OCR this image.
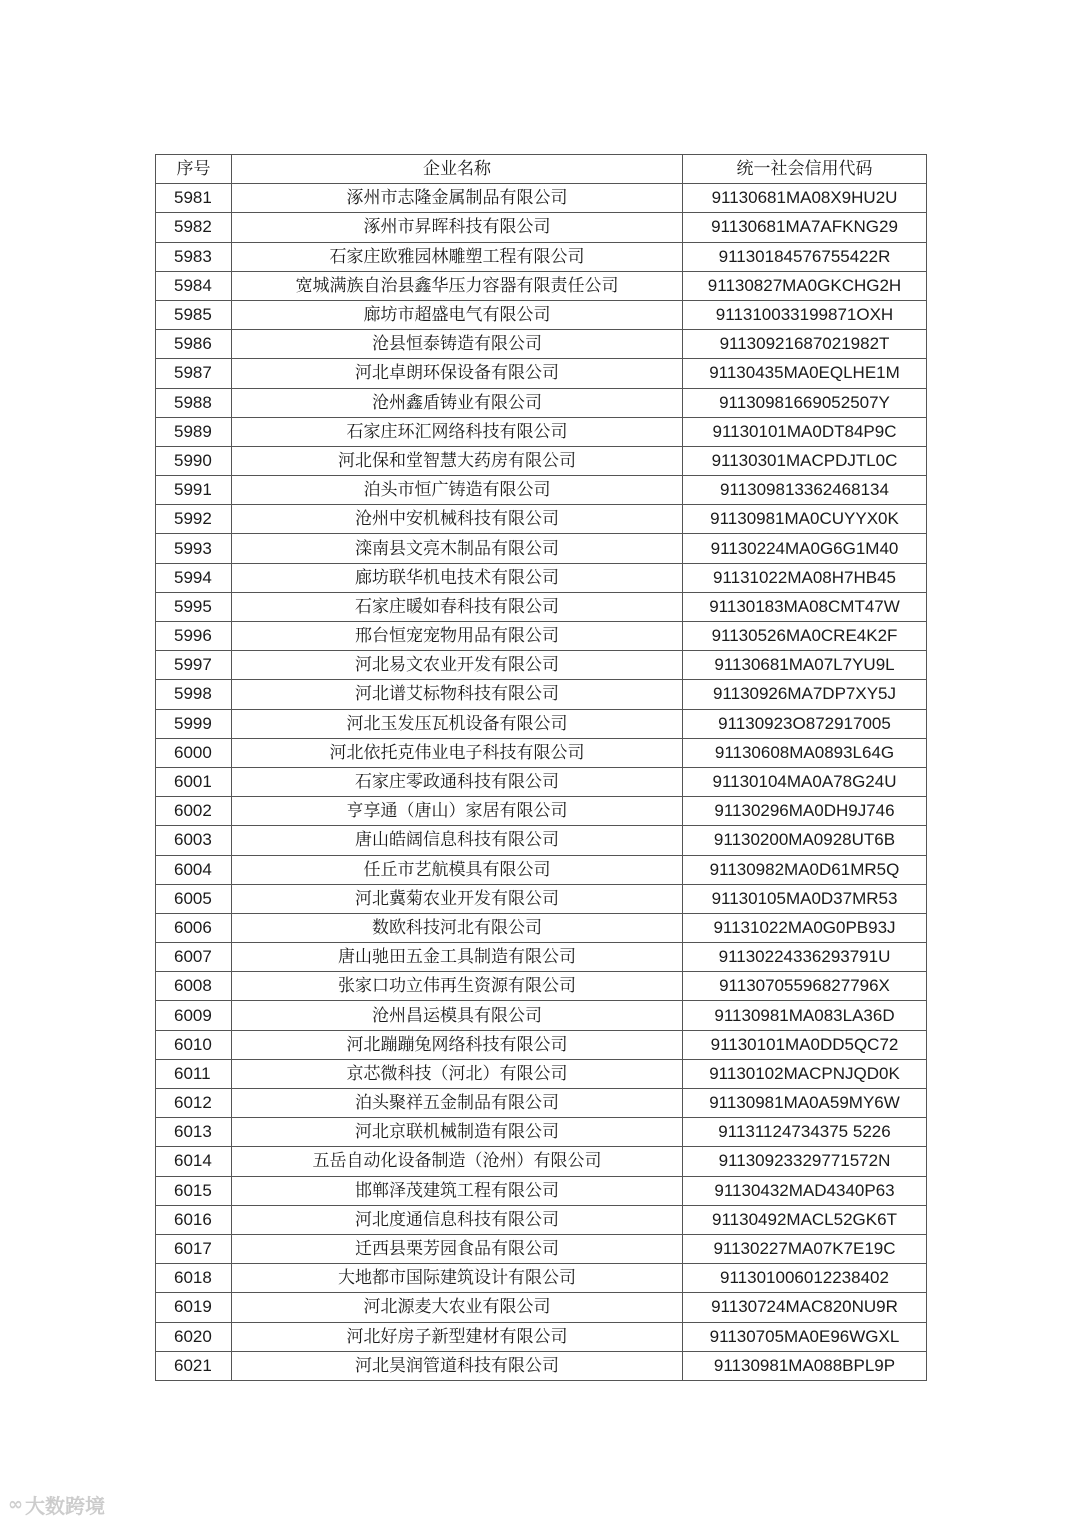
序号	企业名称	统一社会信用代码
5981	涿州市志隆金属制品有限公司	91130681MA08X9HU2U
5982	涿州市昇晖科技有限公司	91130681MA7AFKNG29
5983	石家庄欧雅园林雕塑工程有限公司	91130184576755422R
5984	宽城满族自治县鑫华压力容器有限责任公司	91130827MA0GKCHG2H
5985	廊坊市超盛电气有限公司	911310033199871OXH
5986	沧县恒泰铸造有限公司	91130921687021982T
5987	河北卓朗环保设备有限公司	91130435MA0EQLHE1M
5988	沧州鑫盾铸业有限公司	91130981669052507Y
5989	石家庄环汇网络科技有限公司	91130101MA0DT84P9C
5990	河北保和堂智慧大药房有限公司	91130301MACPDJTL0C
5991	泊头市恒广铸造有限公司	911309813362468134
5992	沧州中安机械科技有限公司	91130981MA0CUYYX0K
5993	滦南县文亮木制品有限公司	91130224MA0G6G1M40
5994	廊坊联华机电技术有限公司	91131022MA08H7HB45
5995	石家庄暖如春科技有限公司	91130183MA08CMT47W
5996	邢台恒宠宠物用品有限公司	91130526MA0CRE4K2F
5997	河北易文农业开发有限公司	91130681MA07L7YU9L
5998	河北谱艾标物科技有限公司	91130926MA7DP7XY5J
5999	河北玉发压瓦机设备有限公司	91130923O872917005
6000	河北依托克伟业电子科技有限公司	91130608MA0893L64G
6001	石家庄零政通科技有限公司	91130104MA0A78G24U
6002	亨享通（唐山）家居有限公司	91130296MA0DH9J746
6003	唐山皓阔信息科技有限公司	91130200MA0928UT6B
6004	任丘市艺航模具有限公司	91130982MA0D61MR5Q
6005	河北冀菊农业开发有限公司	91130105MA0D37MR53
6006	数欧科技河北有限公司	91131022MA0G0PB93J
6007	唐山驰田五金工具制造有限公司	91130224336293791U
6008	张家口功立伟再生资源有限公司	91130705596827796X
6009	沧州昌运模具有限公司	91130981MA083LA36D
6010	河北蹦蹦兔网络科技有限公司	91130101MA0DD5QC72
6011	京芯微科技（河北）有限公司	91130102MACPNJQD0K
6012	泊头聚祥五金制品有限公司	91130981MA0A59MY6W
6013	河北京联机械制造有限公司	91131124734375 5226
6014	五岳自动化设备制造（沧州）有限公司	91130923329771572N
6015	邯郸泽茂建筑工程有限公司	91130432MAD4340P63
6016	河北度通信息科技有限公司	91130492MACL52GK6T
6017	迁西县栗芳园食品有限公司	91130227MA07K7E19C
6018	大地都市国际建筑设计有限公司	911301006012238402
6019	河北源麦大农业有限公司	91130724MAC820NU9R
6020	河北好房子新型建材有限公司	91130705MA0E96WGXL
6021	河北昊润管道科技有限公司	91130981MA088BPL9P
∞ 大数跨境
